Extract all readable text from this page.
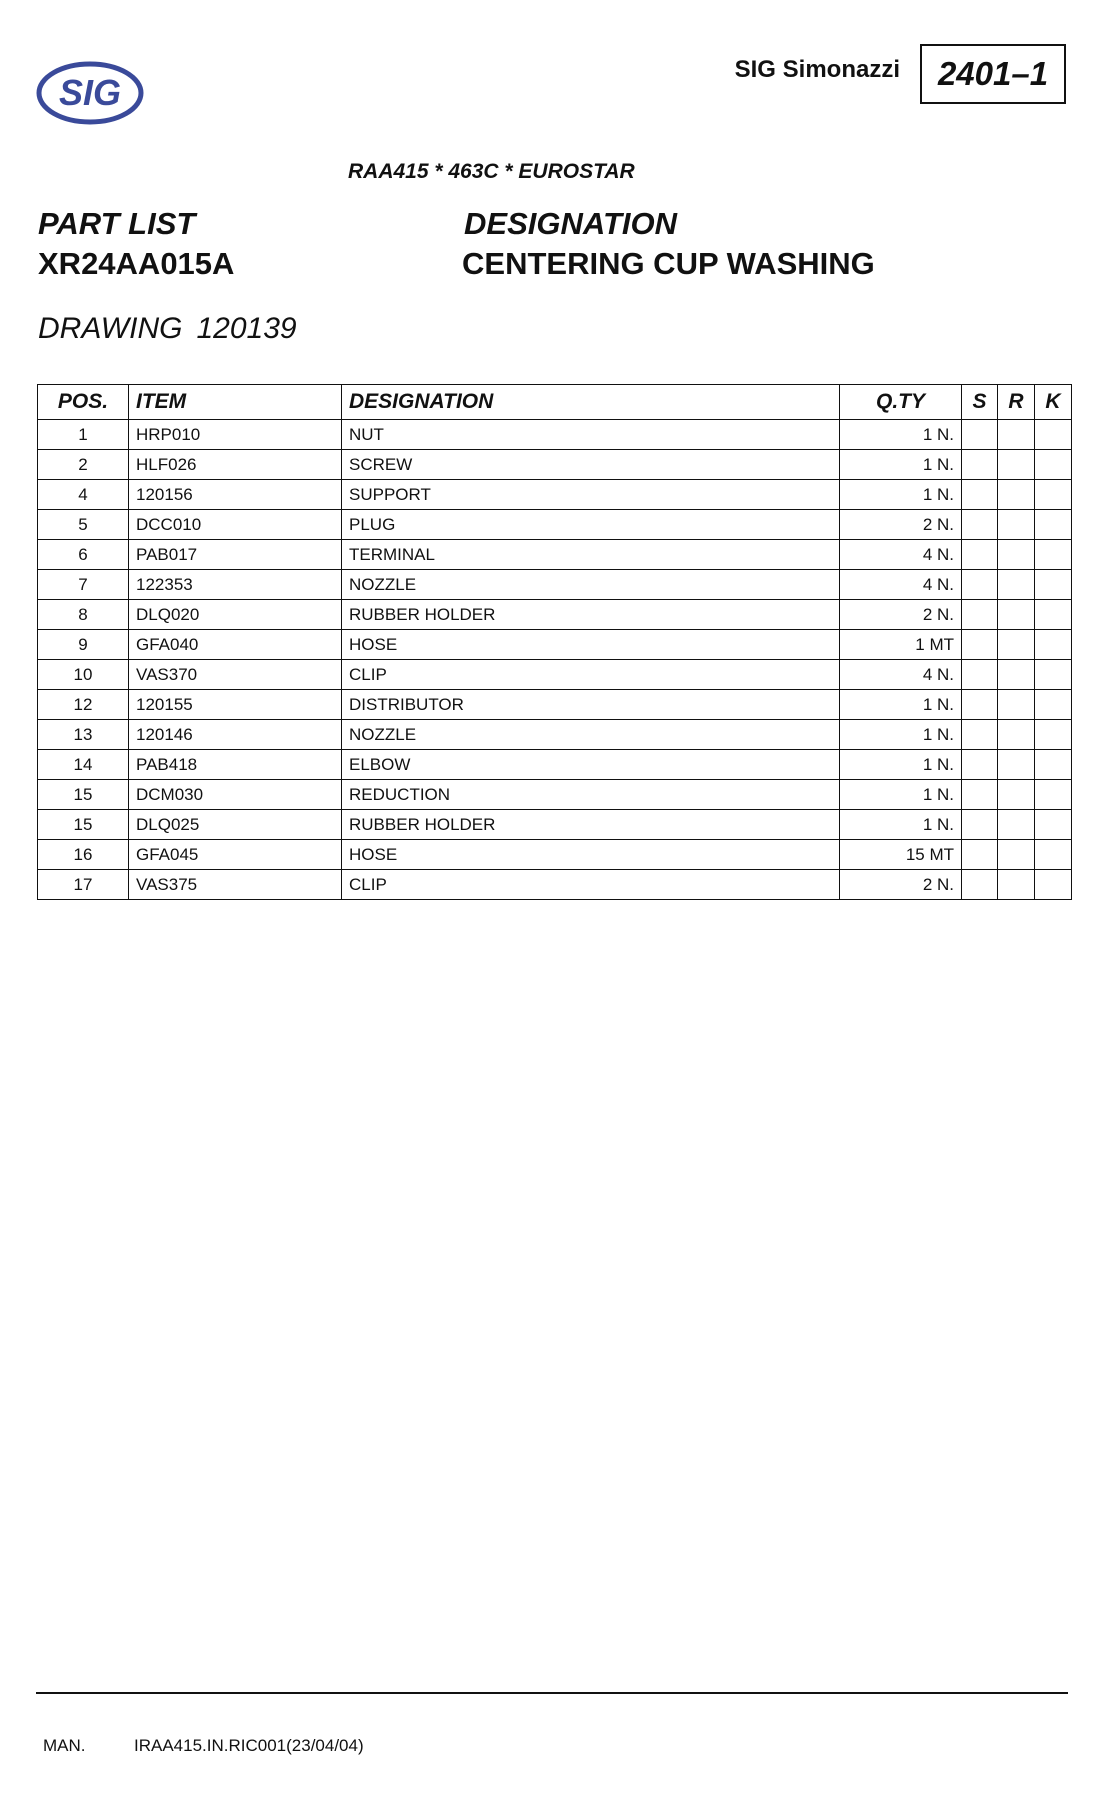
SIG
SIG Simonazzi	2401–1
RAA415 * 463C * EUROSTAR
PART LIST
XR24AA015A
DESIGNATION
CENTERING CUP WASHING
DRAWING 120139
POS.	ITEM	DESIGNATION	Q.TY	S	R	K
1	HRP010	NUT	1 N.			
2	HLF026	SCREW	1 N.			
4	120156	SUPPORT	1 N.			
5	DCC010	PLUG	2 N.			
6	PAB017	TERMINAL	4 N.			
7	122353	NOZZLE	4 N.			
8	DLQ020	RUBBER HOLDER	2 N.			
9	GFA040	HOSE	1 MT			
10	VAS370	CLIP	4 N.			
12	120155	DISTRIBUTOR	1 N.			
13	120146	NOZZLE	1 N.			
14	PAB418	ELBOW	1 N.			
15	DCM030	REDUCTION	1 N.			
15	DLQ025	RUBBER HOLDER	1 N.			
16	GFA045	HOSE	15 MT			
17	VAS375	CLIP	2 N.			
MAN.	IRAA415.IN.RIC001(23/04/04)
